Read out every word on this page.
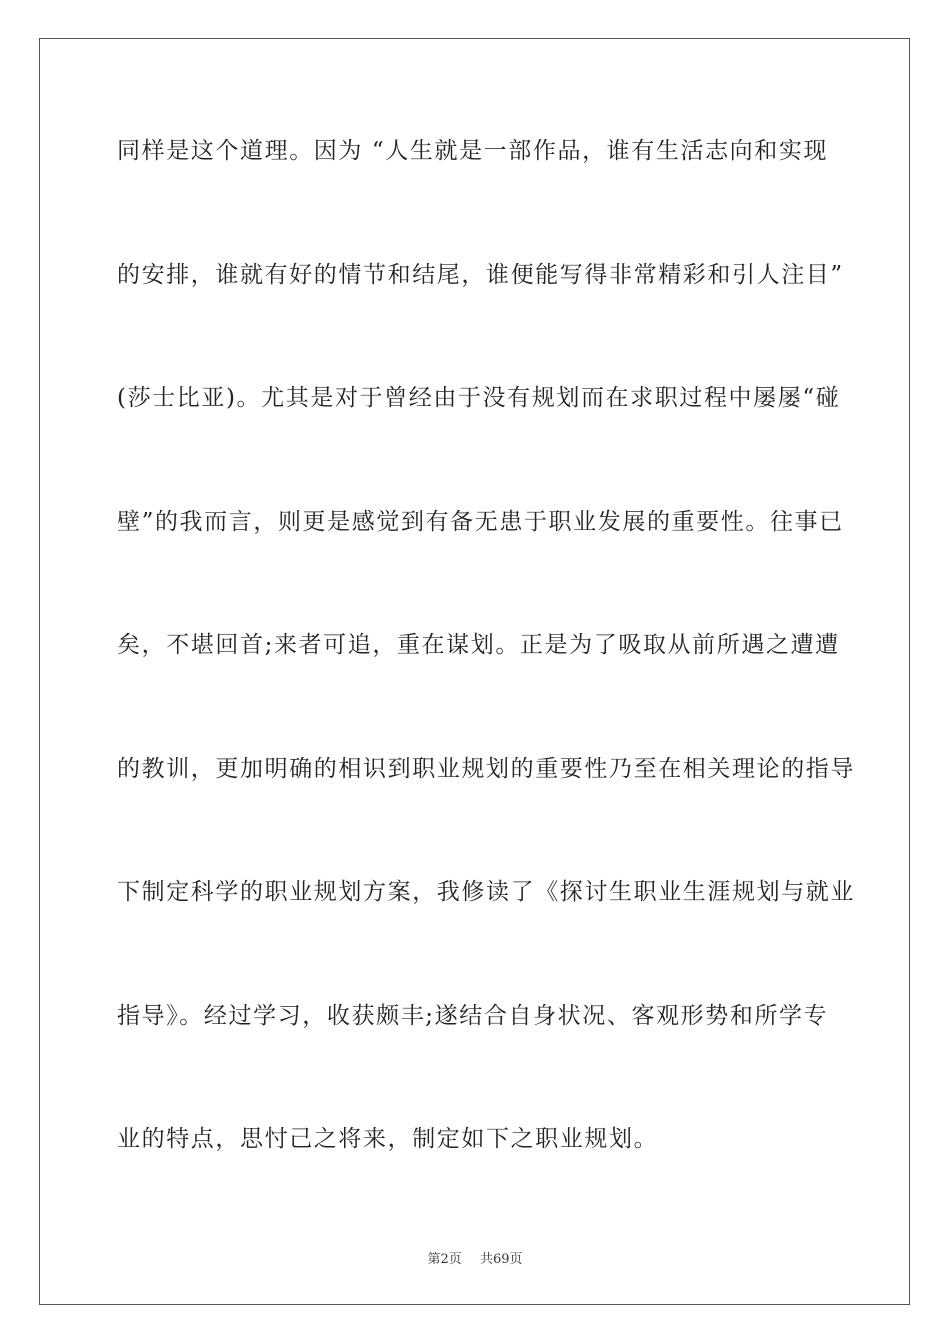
同样是这个道理。因为 “人生就是一部作品，谁有生活志向和实现
的安排，谁就有好的情节和结尾，谁便能写得非常精彩和引人注目”
(莎士比亚)。尤其是对于曾经由于没有规划而在求职过程中屡屡“碰
壁”的我而言，则更是感觉到有备无患于职业发展的重要性。往事已
矣，不堪回首;来者可追，重在谋划。正是为了吸取从前所遇之遭遭
的教训，更加明确的相识到职业规划的重要性乃至在相关理论的指导
下制定科学的职业规划方案，我修读了《探讨生职业生涯规划与就业
指导》。经过学习，收获颇丰;遂结合自身状况、客观形势和所学专
业的特点，思忖己之将来，制定如下之职业规划。
第2页 共69页
